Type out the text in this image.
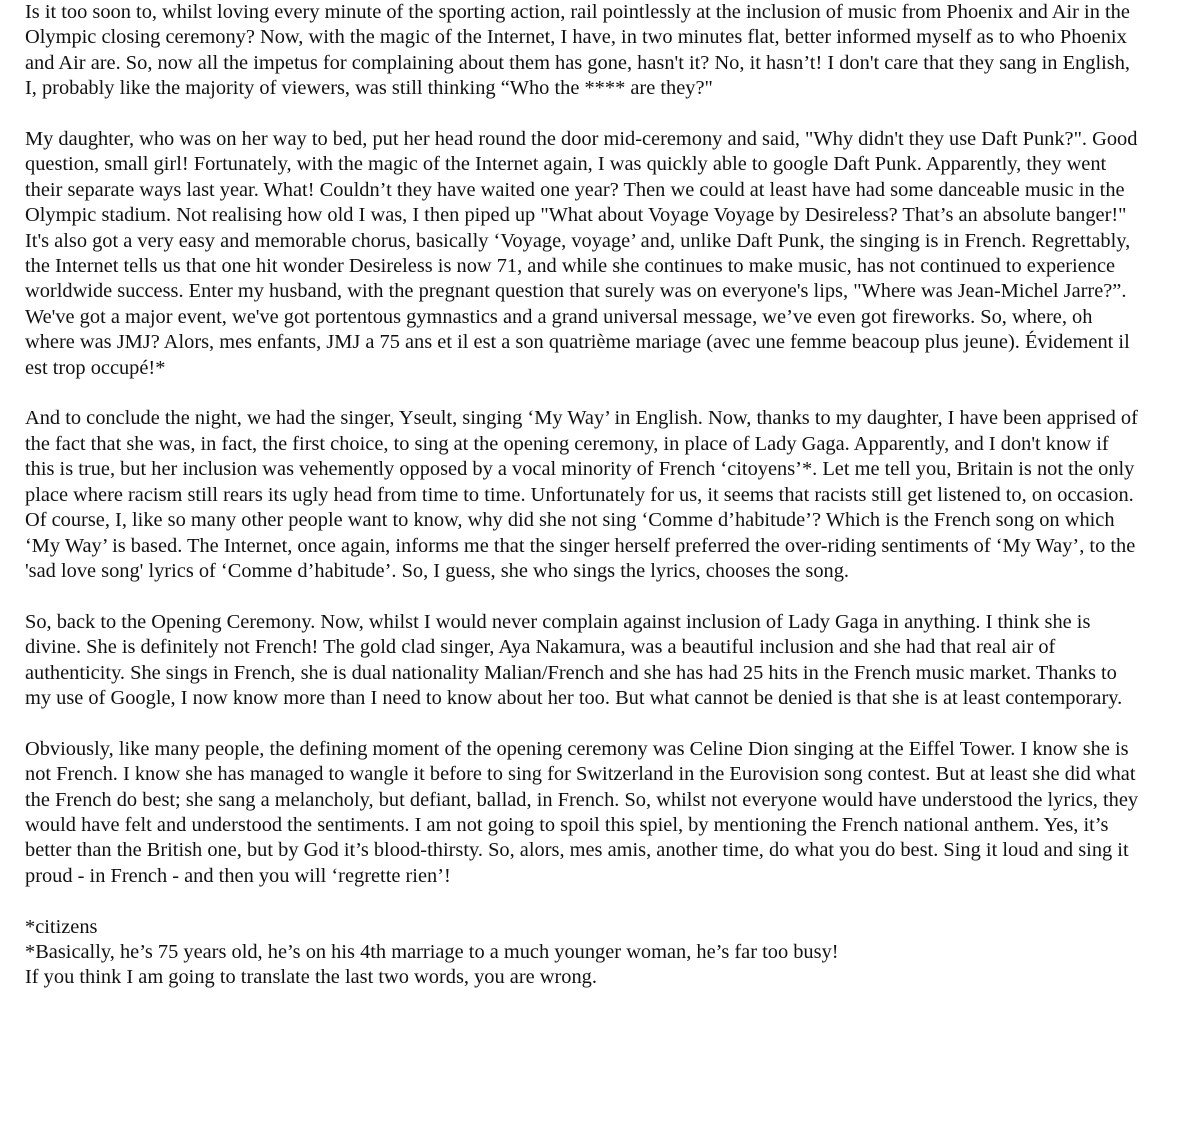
Is it too soon to, whilst loving every minute of the sporting action, rail pointlessly at the inclusion of music from Phoenix and Air in the Olympic closing ceremony? Now, with the magic of the Internet, I have, in two minutes flat, better informed myself as to who Phoenix and Air are. So, now all the impetus for complaining about them has gone, hasn't it? No, it hasn’t! I don't care that they sang in English, I, probably like the majority of viewers, was still thinking “Who the **** are they?"

My daughter, who was on her way to bed, put her head round the door mid-ceremony and said, "Why didn't they use Daft Punk?". Good question, small girl! Fortunately, with the magic of the Internet again, I was quickly able to google Daft Punk. Apparently, they went their separate ways last year. What! Couldn’t they have waited one year? Then we could at least have had some danceable music in the Olympic stadium. Not realising how old I was, I then piped up "What about Voyage Voyage by Desireless? That’s an absolute banger!" It's also got a very easy and memorable chorus, basically ‘Voyage, voyage’ and, unlike Daft Punk, the singing is in French. Regrettably, the Internet tells us that one hit wonder Desireless is now 71, and while she continues to make music, has not continued to experience worldwide success. Enter my husband, with the pregnant question that surely was on everyone's lips, "Where was Jean-Michel Jarre?”. We've got a major event, we've got portentous gymnastics and a grand universal message, we’ve even got fireworks. So, where, oh where was JMJ? Alors, mes enfants, JMJ a 75 ans et il est a son quatrième mariage (avec une femme beacoup plus jeune). Évidement il est trop occupé!*

And to conclude the night, we had the singer, Yseult, singing ‘My Way’ in English. Now, thanks to my daughter, I have been apprised of the fact that she was, in fact, the first choice, to sing at the opening ceremony, in place of Lady Gaga. Apparently, and I don't know if this is true, but her inclusion was vehemently opposed by a vocal minority of French ‘citoyens’*. Let me tell you, Britain is not the only place where racism still rears its ugly head from time to time. Unfortunately for us, it seems that racists still get listened to, on occasion. Of course, I, like so many other people want to know, why did she not sing ‘Comme d’habitude’? Which is the French song on which ‘My Way’ is based. The Internet, once again, informs me that the singer herself preferred the over-riding sentiments of ‘My Way’, to the 'sad love song' lyrics of ‘Comme d’habitude’. So, I guess, she who sings the lyrics, chooses the song.

So, back to the Opening Ceremony. Now, whilst I would never complain against inclusion of Lady Gaga in anything. I think she is divine. She is definitely not French! The gold clad singer, Aya Nakamura, was a beautiful inclusion and she had that real air of authenticity. She sings in French, she is dual nationality Malian/French and she has had 25 hits in the French music market. Thanks to my use of Google, I now know more than I need to know about her too. But what cannot be denied is that she is at least contemporary.

Obviously, like many people, the defining moment of the opening ceremony was Celine Dion singing at the Eiffel Tower. I know she is not French. I know she has managed to wangle it before to sing for Switzerland in the Eurovision song contest. But at least she did what the French do best; she sang a melancholy, but defiant, ballad, in French. So, whilst not everyone would have understood the lyrics, they would have felt and understood the sentiments. I am not going to spoil this spiel, by mentioning the French national anthem. Yes, it’s better than the British one, but by God it’s blood-thirsty. So, alors, mes amis, another time, do what you do best. Sing it loud and sing it proud - in French - and then you will ‘regrette rien’!

*citizens
*Basically, he’s 75 years old, he’s on his 4th marriage to a much younger woman, he’s far too busy!
If you think I am going to translate the last two words, you are wrong.
